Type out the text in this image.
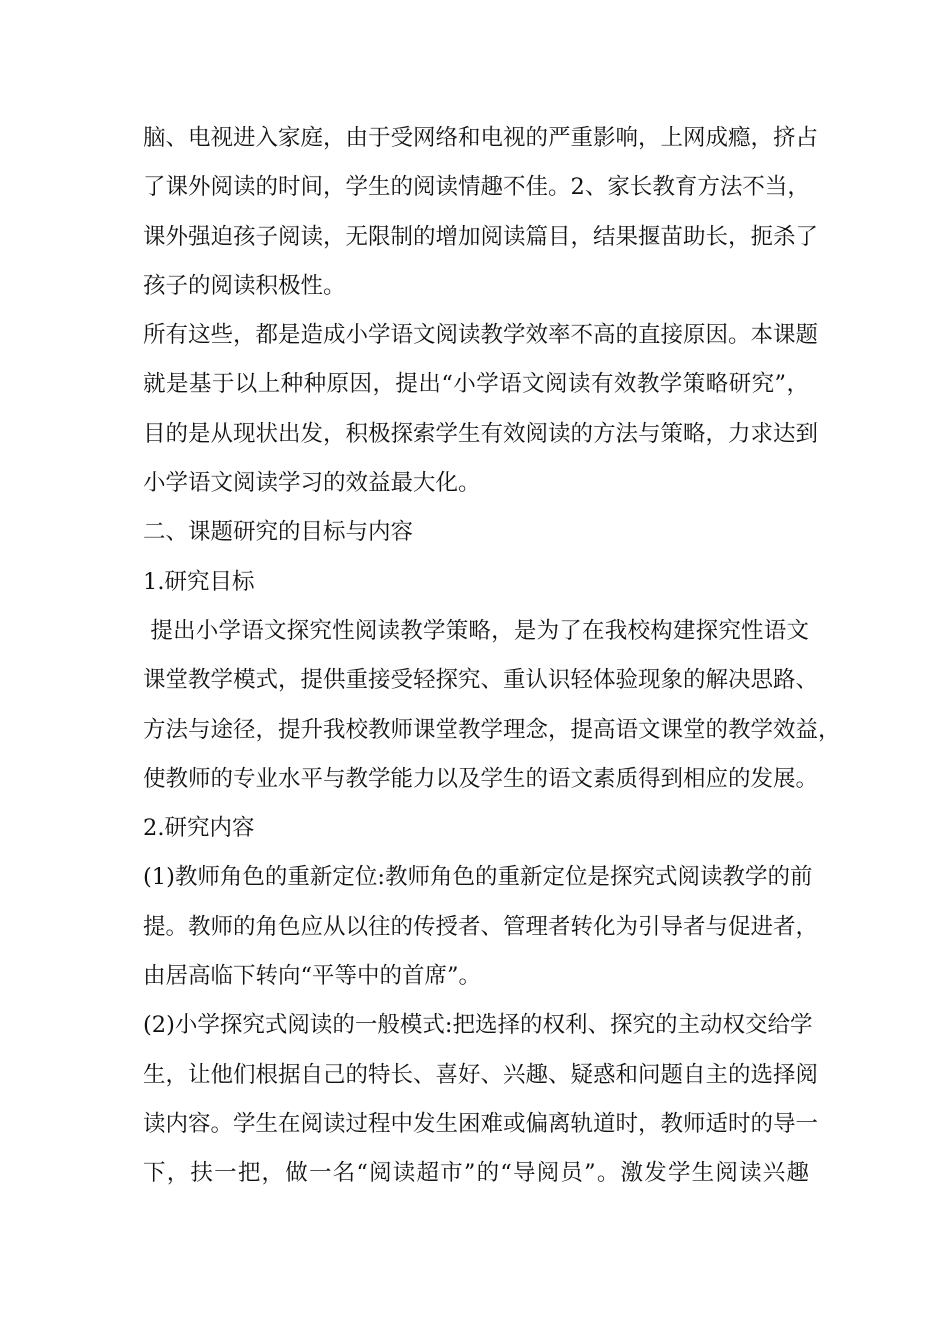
脑、电视进入家庭，由于受网络和电视的严重影响，上网成瘾，挤占
了课外阅读的时间，学生的阅读情趣不佳。2、家长教育方法不当，
课外强迫孩子阅读，无限制的增加阅读篇目，结果揠苗助长，扼杀了
孩子的阅读积极性。
所有这些，都是造成小学语文阅读教学效率不高的直接原因。本课题
就是基于以上种种原因，提出“小学语文阅读有效教学策略研究”，
目的是从现状出发，积极探索学生有效阅读的方法与策略，力求达到
小学语文阅读学习的效益最大化。
二、课题研究的目标与内容
1.研究目标
提出小学语文探究性阅读教学策略，是为了在我校构建探究性语文
课堂教学模式，提供重接受轻探究、重认识轻体验现象的解决思路、
方法与途径，提升我校教师课堂教学理念，提高语文课堂的教学效益，
使教师的专业水平与教学能力以及学生的语文素质得到相应的发展。
2.研究内容
(1)教师角色的重新定位:教师角色的重新定位是探究式阅读教学的前
提。教师的角色应从以往的传授者、管理者转化为引导者与促进者，
由居高临下转向“平等中的首席”。
(2)小学探究式阅读的一般模式:把选择的权利、探究的主动权交给学
生，让他们根据自己的特长、喜好、兴趣、疑惑和问题自主的选择阅
读内容。学生在阅读过程中发生困难或偏离轨道时，教师适时的导一
下，扶一把，做一名“阅读超市”的“导阅员”。激发学生阅读兴趣
